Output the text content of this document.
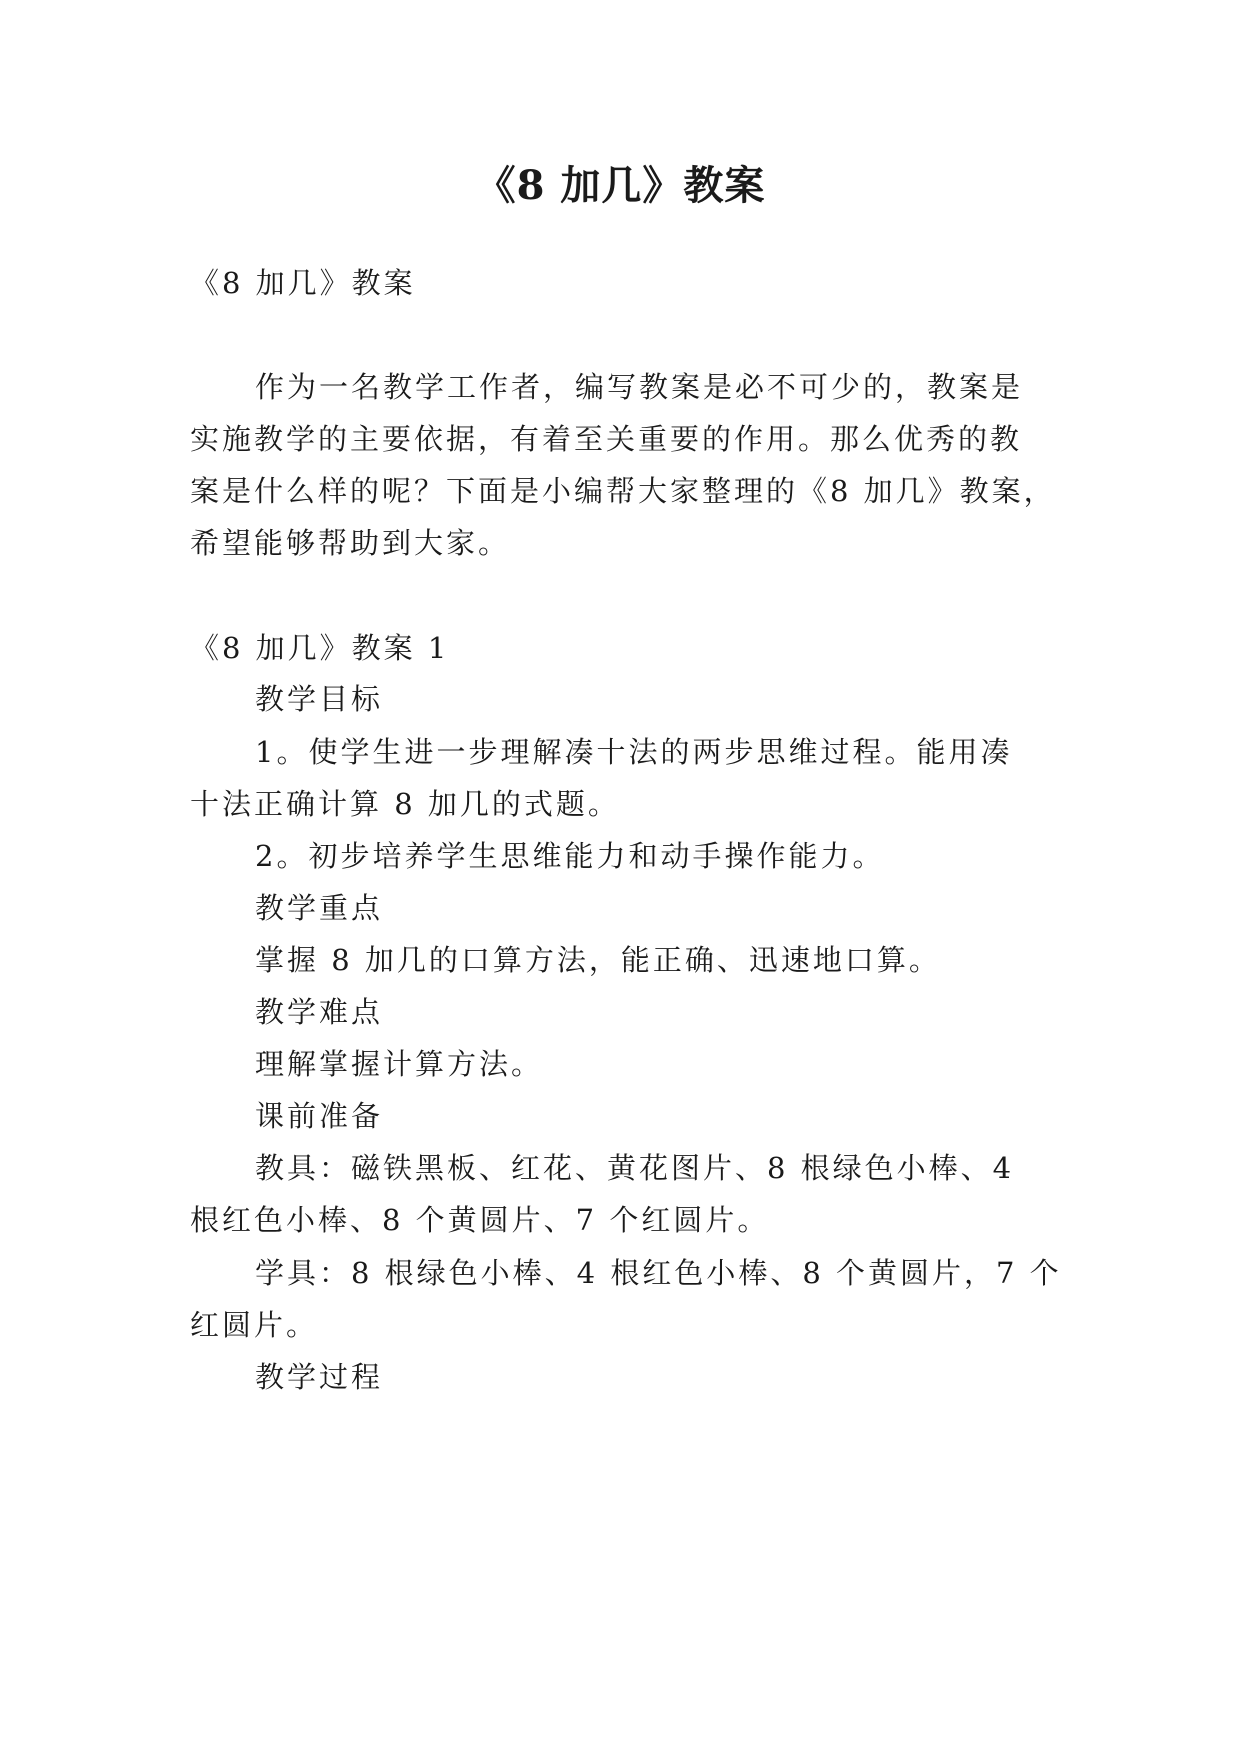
《8 加几》教案

《8 加几》教案

作为一名教学工作者，编写教案是必不可少的，教案是

实施教学的主要依据，有着至关重要的作用。那么优秀的教

案是什么样的呢？下面是小编帮大家整理的《8 加几》教案，

希望能够帮助到大家。

《8 加几》教案 1

教学目标

1。使学生进一步理解凑十法的两步思维过程。能用凑

十法正确计算 8 加几的式题。

2。初步培养学生思维能力和动手操作能力。

教学重点

掌握 8 加几的口算方法，能正确、迅速地口算。

教学难点

理解掌握计算方法。

课前准备

教具：磁铁黑板、红花、黄花图片、8 根绿色小棒、4

根红色小棒、8 个黄圆片、7 个红圆片。

学具：8 根绿色小棒、4 根红色小棒、8 个黄圆片，7 个

红圆片。

教学过程
